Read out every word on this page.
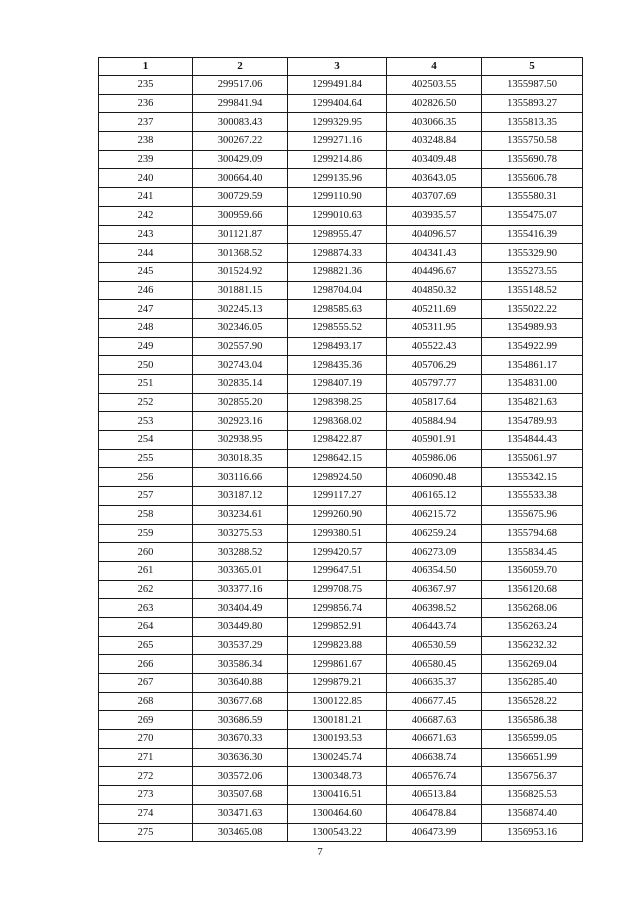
1	2	3	4	5
235	299517.06	1299491.84	402503.55	1355987.50
236	299841.94	1299404.64	402826.50	1355893.27
237	300083.43	1299329.95	403066.35	1355813.35
238	300267.22	1299271.16	403248.84	1355750.58
239	300429.09	1299214.86	403409.48	1355690.78
240	300664.40	1299135.96	403643.05	1355606.78
241	300729.59	1299110.90	403707.69	1355580.31
242	300959.66	1299010.63	403935.57	1355475.07
243	301121.87	1298955.47	404096.57	1355416.39
244	301368.52	1298874.33	404341.43	1355329.90
245	301524.92	1298821.36	404496.67	1355273.55
246	301881.15	1298704.04	404850.32	1355148.52
247	302245.13	1298585.63	405211.69	1355022.22
248	302346.05	1298555.52	405311.95	1354989.93
249	302557.90	1298493.17	405522.43	1354922.99
250	302743.04	1298435.36	405706.29	1354861.17
251	302835.14	1298407.19	405797.77	1354831.00
252	302855.20	1298398.25	405817.64	1354821.63
253	302923.16	1298368.02	405884.94	1354789.93
254	302938.95	1298422.87	405901.91	1354844.43
255	303018.35	1298642.15	405986.06	1355061.97
256	303116.66	1298924.50	406090.48	1355342.15
257	303187.12	1299117.27	406165.12	1355533.38
258	303234.61	1299260.90	406215.72	1355675.96
259	303275.53	1299380.51	406259.24	1355794.68
260	303288.52	1299420.57	406273.09	1355834.45
261	303365.01	1299647.51	406354.50	1356059.70
262	303377.16	1299708.75	406367.97	1356120.68
263	303404.49	1299856.74	406398.52	1356268.06
264	303449.80	1299852.91	406443.74	1356263.24
265	303537.29	1299823.88	406530.59	1356232.32
266	303586.34	1299861.67	406580.45	1356269.04
267	303640.88	1299879.21	406635.37	1356285.40
268	303677.68	1300122.85	406677.45	1356528.22
269	303686.59	1300181.21	406687.63	1356586.38
270	303670.33	1300193.53	406671.63	1356599.05
271	303636.30	1300245.74	406638.74	1356651.99
272	303572.06	1300348.73	406576.74	1356756.37
273	303507.68	1300416.51	406513.84	1356825.53
274	303471.63	1300464.60	406478.84	1356874.40
275	303465.08	1300543.22	406473.99	1356953.16
7
